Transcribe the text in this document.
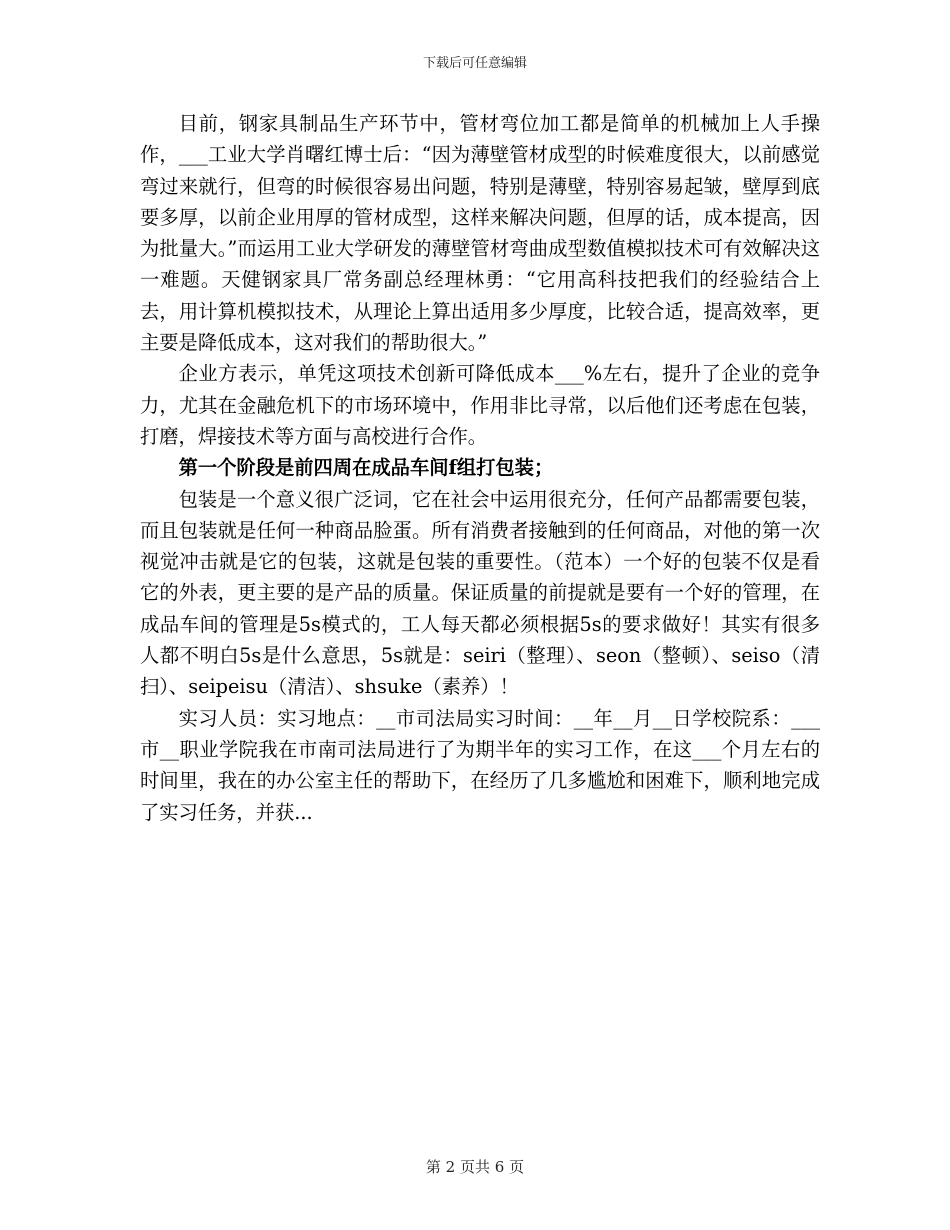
下载后可任意编辑

目前，钢家具制品生产环节中，管材弯位加工都是简单的机械加上人手操作，___工业大学肖曙红博士后：“因为薄壁管材成型的时候难度很大，以前感觉弯过来就行，但弯的时候很容易出问题，特别是薄壁，特别容易起皱，壁厚到底要多厚，以前企业用厚的管材成型，这样来解决问题，但厚的话，成本提高，因为批量大。”而运用工业大学研发的薄壁管材弯曲成型数值模拟技术可有效解决这一难题。天健钢家具厂常务副总经理林勇：“它用高科技把我们的经验结合上去，用计算机模拟技术，从理论上算出适用多少厚度，比较合适，提高效率，更主要是降低成本，这对我们的帮助很大。”

企业方表示，单凭这项技术创新可降低成本___%左右，提升了企业的竞争力，尤其在金融危机下的市场环境中，作用非比寻常，以后他们还考虑在包装，打磨，焊接技术等方面与高校进行合作。

第一个阶段是前四周在成品车间f组打包装；

包装是一个意义很广泛词，它在社会中运用很充分，任何产品都需要包装，而且包装就是任何一种商品脸蛋。所有消费者接触到的任何商品，对他的第一次视觉冲击就是它的包装，这就是包装的重要性。（范本）一个好的包装不仅是看它的外表，更主要的是产品的质量。保证质量的前提就是要有一个好的管理，在成品车间的管理是5s模式的，工人每天都必须根据5s的要求做好！其实有很多人都不明白5s是什么意思，5s就是：seiri（整理）、seon（整顿）、seiso（清扫）、seipeisu（清洁）、shsuke（素养）！

实习人员：实习地点：__市司法局实习时间：__年__月__日学校院系：___市__职业学院我在市南司法局进行了为期半年的实习工作，在这___个月左右的时间里，我在的办公室主任的帮助下，在经历了几多尴尬和困难下，顺利地完成了实习任务，并获...

第 2 页共 6 页
